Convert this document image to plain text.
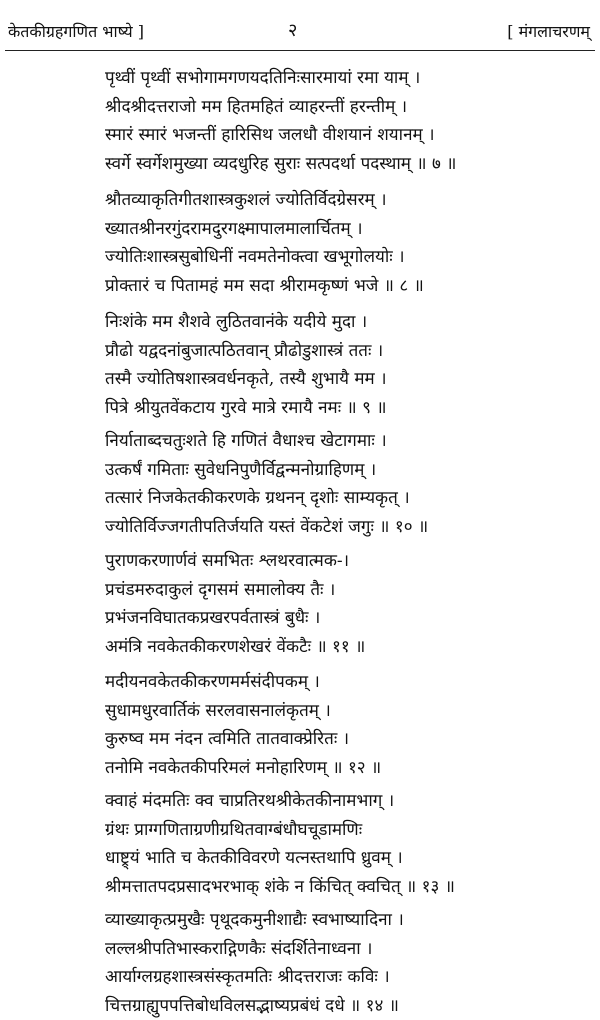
केतकीग्रहगणित भाष्ये ]	२	[ मंगलाचरणम्
पृथ्वीं पृथ्वीं सभोगामगणयदतिनिःसारमायां रमा याम् ।
श्रीदश्रीदत्तराजो मम हितमहितं व्याहरन्तीं हरन्तीम् ।
स्मारं स्मारं भजन्तीं हारिसिथ जलधौ वीशयानं शयानम् ।
स्वर्गे स्वर्गेशमुख्या व्यदधुरिह सुराः सत्पदर्था पदस्थाम् ॥ ७ ॥
श्रौतव्याकृतिगीतशास्त्रकुशलं ज्योतिर्विदग्रेसरम् ।
ख्यातश्रीनरगुंदरामदुरगक्ष्मापालमालार्चितम् ।
ज्योतिःशास्त्रसुबोधिनीं नवमतेनोक्त्वा खभूगोलयोः ।
प्रोक्तारं च पितामहं मम सदा श्रीरामकृष्णं भजे ॥ ८ ॥
निःशंके मम शैशवे लुठितवानंके यदीये मुदा ।
प्रौढो यद्वदनांबुजात्पठितवान् प्रौढोडुशास्त्रं ततः ।
तस्मै ज्योतिषशास्त्रवर्धनकृते, तस्यै शुभायै मम ।
पित्रे श्रीयुतवेंकटाय गुरवे मात्रे रमायै नमः ॥ ९ ॥
निर्याताब्दचतुःशते हि गणितं वैधाश्च खेटागमाः ।
उत्कर्षं गमिताः सुवेधनिपुणैर्विद्वन्मनोग्राहिणम् ।
तत्सारं निजकेतकीकरणके ग्रथनन् दृशोः साम्यकृत् ।
ज्योतिर्विज्जगतीपतिर्जयति यस्तं वेंकटेशं जगुः ॥ १० ॥
पुराणकरणार्णवं समभितः श्लथरवात्मक-।
प्रचंडमरुदाकुलं दृगसमं समालोक्य तैः ।
प्रभंजनविघातकप्रखरपर्वतास्त्रं बुधैः ।
अमंत्रि नवकेतकीकरणशेखरं वेंकटैः ॥ ११ ॥
मदीयनवकेतकीकरणमर्मसंदीपकम् ।
सुधामधुरवार्तिकं सरलवासनालंकृतम् ।
कुरुष्व मम नंदन त्वमिति तातवाक्प्रेरितः ।
तनोमि नवकेतकीपरिमलं मनोहारिणम् ॥ १२ ॥
क्वाहं मंदमतिः क्व चाप्रतिरथश्रीकेतकीनामभाग् ।
ग्रंथः प्राग्गणिताग्रणीग्रथितवाग्बंधौघचूडामणिः
धाष्ट्र्यं भाति च केतकीविवरणे यत्नस्तथापि ध्रुवम् ।
श्रीमत्तातपदप्रसादभरभाक् शंके न किंचित् क्वचित् ॥ १३ ॥
व्याख्याकृत्प्रमुखैः पृथूदकमुनीशाद्यैः स्वभाष्यादिना ।
लल्लश्रीपतिभास्कराद्गिणकैः संदर्शितेनाध्वना ।
आर्याग्लग्रहशास्त्रसंस्कृतमतिः श्रीदत्तराजः कविः ।
चित्तग्राह्युपपत्तिबोधविलसद्भाष्यप्रबंधं दधे ॥ १४ ॥
